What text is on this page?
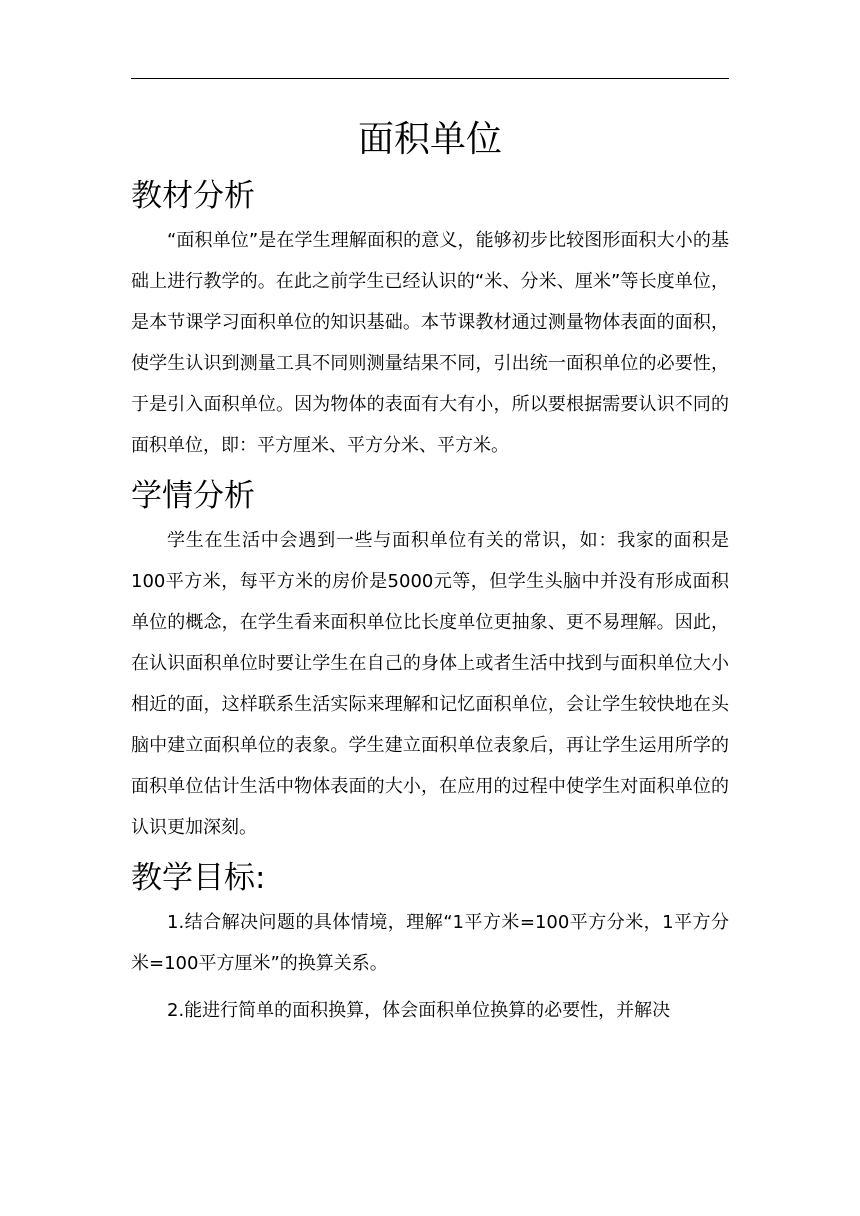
面积单位
教材分析

“面积单位”是在学生理解面积的意义，能够初步比较图形面积大小的基础上进行教学的。在此之前学生已经认识的“米、分米、厘米”等长度单位，是本节课学习面积单位的知识基础。本节课教材通过测量物体表面的面积，使学生认识到测量工具不同则测量结果不同，引出统一面积单位的必要性，于是引入面积单位。因为物体的表面有大有小，所以要根据需要认识不同的面积单位，即：平方厘米、平方分米、平方米。

学情分析

学生在生活中会遇到一些与面积单位有关的常识，如：我家的面积是100平方米，每平方米的房价是5000元等，但学生头脑中并没有形成面积单位的概念，在学生看来面积单位比长度单位更抽象、更不易理解。因此，在认识面积单位时要让学生在自己的身体上或者生活中找到与面积单位大小相近的面，这样联系生活实际来理解和记忆面积单位，会让学生较快地在头脑中建立面积单位的表象。学生建立面积单位表象后，再让学生运用所学的面积单位估计生活中物体表面的大小，在应用的过程中使学生对面积单位的认识更加深刻。

教学目标:

1.结合解决问题的具体情境，理解“1平方米=100平方分米，1平方分米=100平方厘米”的换算关系。

2.能进行简单的面积换算，体会面积单位换算的必要性，并解决
